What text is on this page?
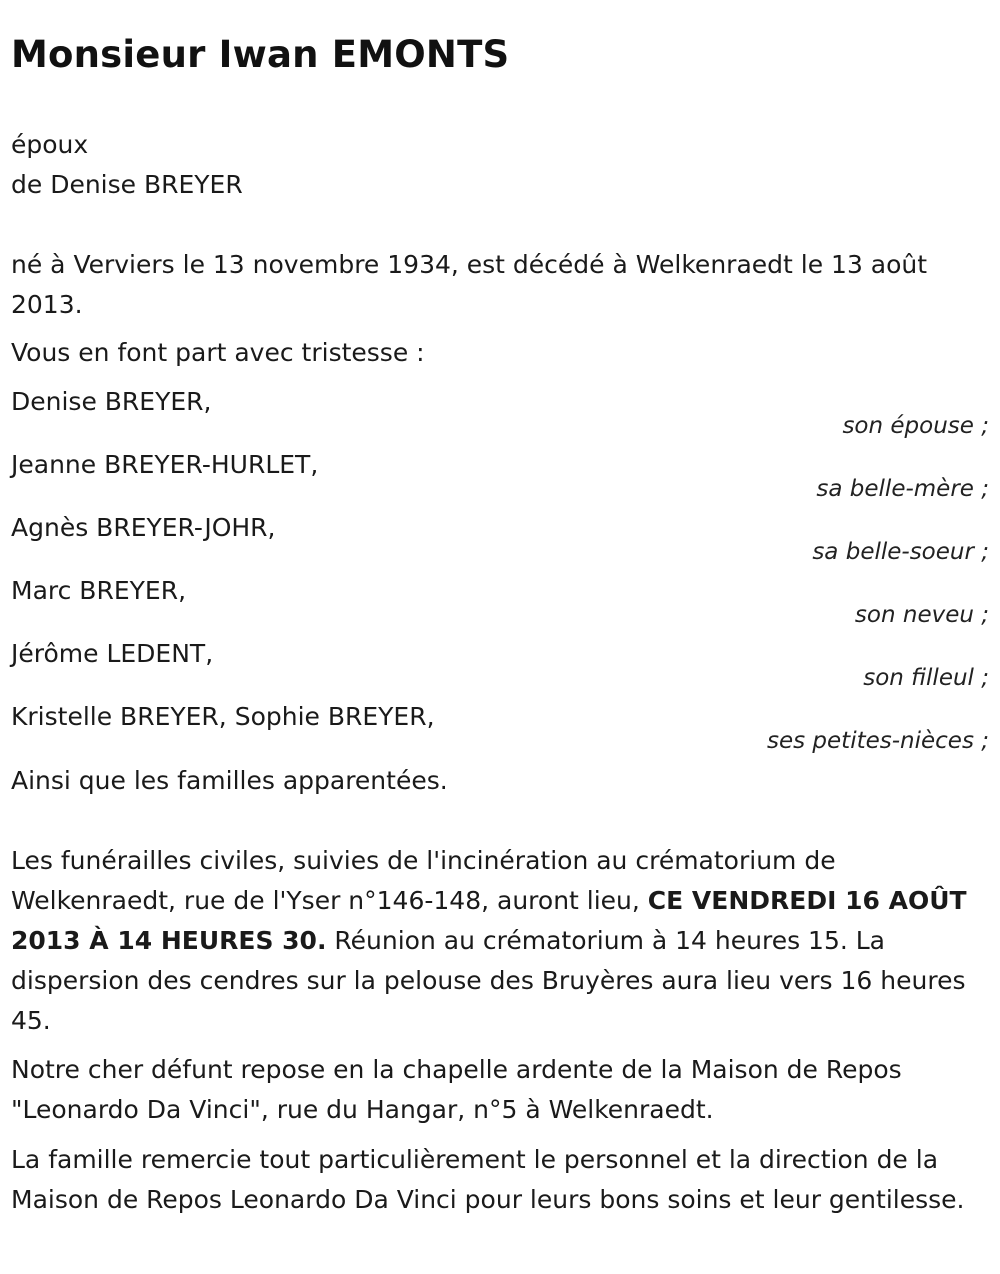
Monsieur Iwan EMONTS

époux
de Denise BREYER

né à Verviers le 13 novembre 1934, est décédé à Welkenraedt le 13 août 2013.

Vous en font part avec tristesse :

Denise BREYER,
son épouse ;
Jeanne BREYER-HURLET,
sa belle-mère ;
Agnès BREYER-JOHR,
sa belle-soeur ;
Marc BREYER,
son neveu ;
Jérôme LEDENT,
son filleul ;
Kristelle BREYER, Sophie BREYER,
ses petites-nièces ;

Ainsi que les familles apparentées.

Les funérailles civiles, suivies de l'incinération au crématorium de Welkenraedt, rue de l'Yser n°146-148, auront lieu, CE VENDREDI 16 AOÛT 2013 À 14 HEURES 30. Réunion au crématorium à 14 heures 15. La dispersion des cendres sur la pelouse des Bruyères aura lieu vers 16 heures 45.

Notre cher défunt repose en la chapelle ardente de la Maison de Repos "Leonardo Da Vinci", rue du Hangar, n°5 à Welkenraedt.

La famille remercie tout particulièrement le personnel et la direction de la Maison de Repos Leonardo Da Vinci pour leurs bons soins et leur gentilesse.
